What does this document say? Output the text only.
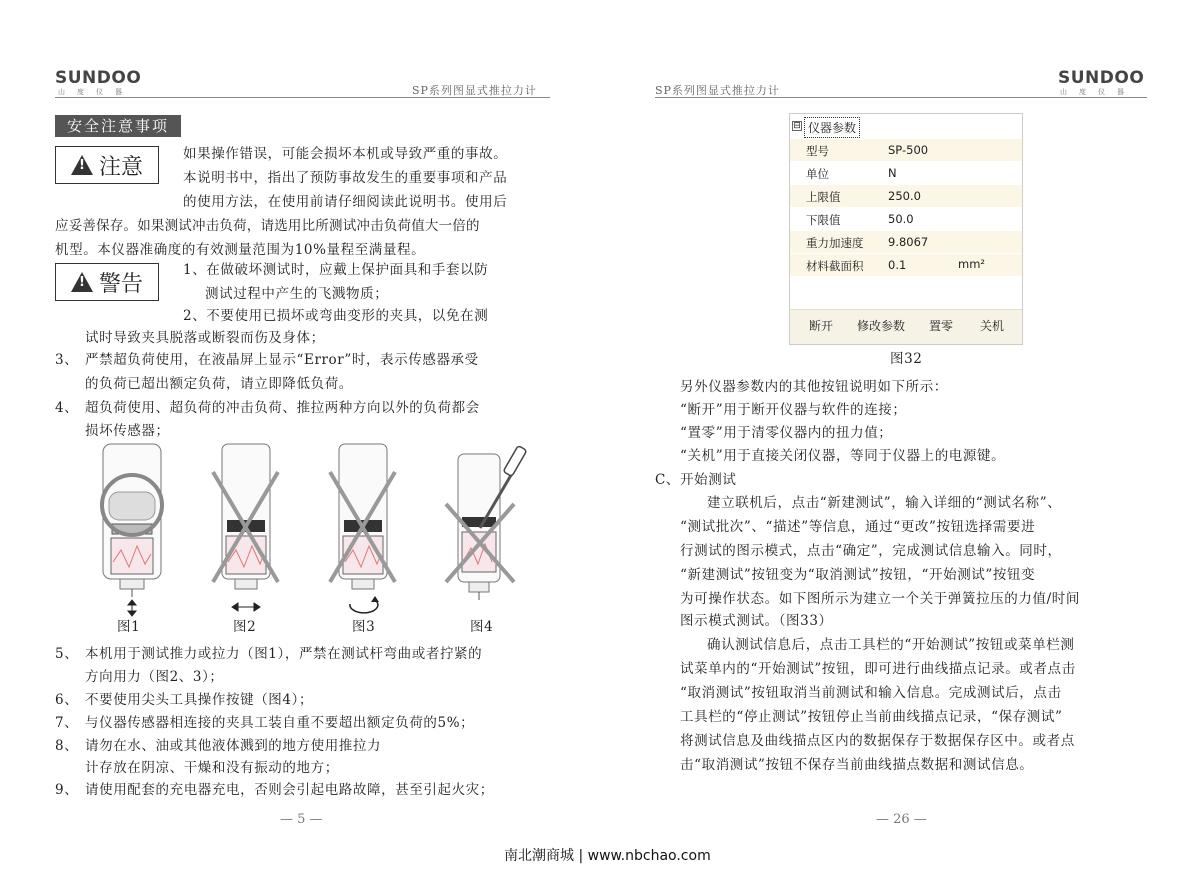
SUNDOO
山度仪器	SP系列图显式推拉力计
安全注意事项
! 注意
如果操作错误，可能会损坏本机或导致严重的事故。
本说明书中，指出了预防事故发生的重要事项和产品
的使用方法，在使用前请仔细阅读此说明书。使用后
应妥善保存。如果测试冲击负荷，请选用比所测试冲击负荷值大一倍的
机型。本仪器准确度的有效测量范围为10%量程至满量程。
! 警告
1、在做破坏测试时，应戴上保护面具和手套以防
测试过程中产生的飞溅物质；
2、不要使用已损坏或弯曲变形的夹具，以免在测
试时导致夹具脱落或断裂而伤及身体；
3、 严禁超负荷使用，在液晶屏上显示“Error”时，表示传感器承受
的负荷已超出额定负荷，请立即降低负荷。
4、 超负荷使用、超负荷的冲击负荷、推拉两种方向以外的负荷都会
损坏传感器；
图1	图2	图3	图4
5、 本机用于测试推力或拉力（图1），严禁在测试杆弯曲或者拧紧的
方向用力（图2、3）；
6、 不要使用尖头工具操作按键（图4）；
7、 与仪器传感器相连接的夹具工装自重不要超出额定负荷的5%；
8、 请勿在水、油或其他液体溅到的地方使用推拉力
计存放在阴凉、干燥和没有振动的地方；
9、 请使用配套的充电器充电，否则会引起电路故障，甚至引起火灾；
— 5 —
SP系列图显式推拉力计
SUNDOO
山度仪器
⊟ 仪器参数
型号	SP-500
单位	N
上限值	250.0
下限值	50.0
重力加速度 9.8067
材料截面积 0.1	mm²
断开 修改参数 置零 关机
图32
另外仪器参数内的其他按钮说明如下所示：
“断开”用于断开仪器与软件的连接；
“置零”用于清零仪器内的扭力值；
“关机”用于直接关闭仪器，等同于仪器上的电源键。
C、开始测试
建立联机后，点击“新建测试”，输入详细的“测试名称”、
“测试批次”、“描述”等信息，通过“更改”按钮选择需要进
行测试的图示模式，点击“确定”，完成测试信息输入。同时，
“新建测试”按钮变为“取消测试”按钮，“开始测试”按钮变
为可操作状态。如下图所示为建立一个关于弹簧拉压的力值/时间
图示模式测试。（图33）
确认测试信息后，点击工具栏的“开始测试”按钮或菜单栏测
试菜单内的“开始测试”按钮，即可进行曲线描点记录。或者点击
“取消测试”按钮取消当前测试和输入信息。完成测试后，点击
工具栏的“停止测试”按钮停止当前曲线描点记录，“保存测试”
将测试信息及曲线描点区内的数据保存于数据保存区中。或者点
击“取消测试”按钮不保存当前曲线描点数据和测试信息。
— 26 —
南北潮商城 | www.nbchao.com
